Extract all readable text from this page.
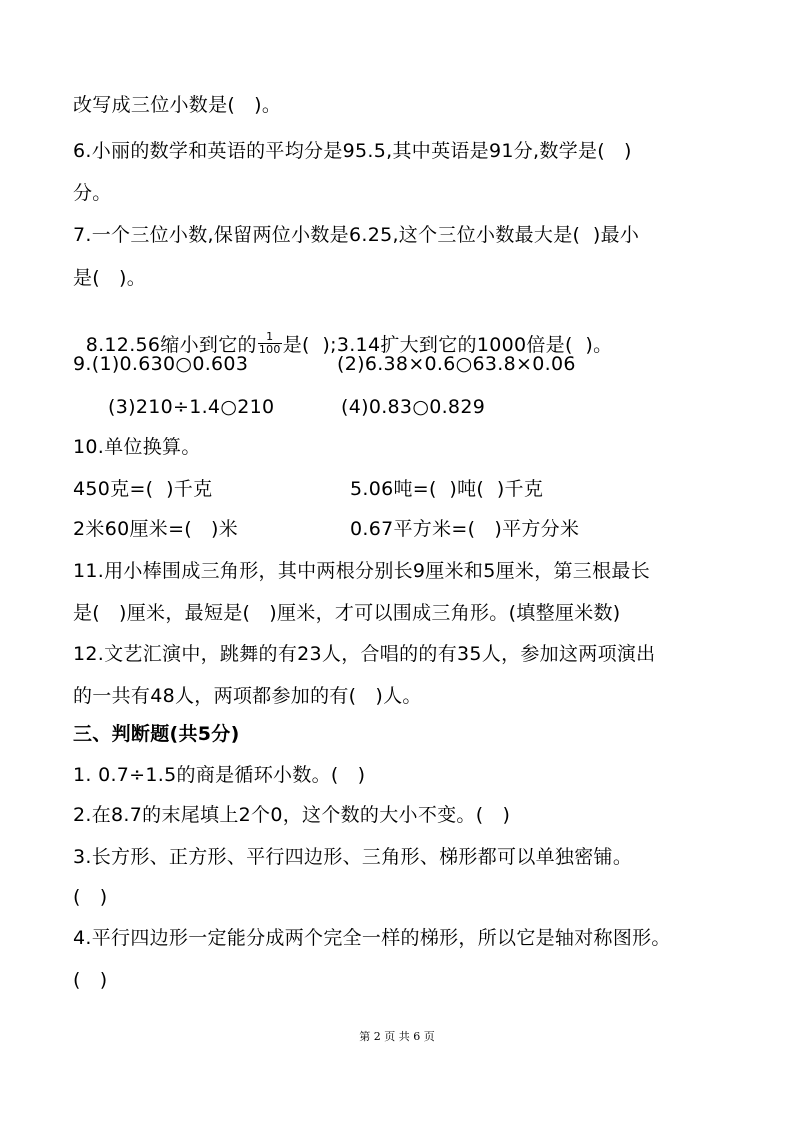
改写成三位小数是(   )。
6.小丽的数学和英语的平均分是95.5,其中英语是91分,数学是(   )
分。
7.一个三位小数,保留两位小数是6.25,这个三位小数最大是(  )最小
是(   )。

8.12.56缩小到它的 $\frac{1}{100}$ 是(  );3.14扩大到它的1000倍是(  )。

9.(1)0.630○0.603	(2)6.38×0.6○63.8×0.06
(3)210÷1.4○210	(4)0.83○0.829
10.单位换算。
450克=(  )千克	5.06吨=(  )吨(  )千克
2米60厘米=(   )米	0.67平方米=(   )平方分米
11.用小棒围成三角形，其中两根分别长9厘米和5厘米，第三根最长
是(   )厘米，最短是(   )厘米，才可以围成三角形。(填整厘米数)
12.文艺汇演中，跳舞的有23人，合唱的的有35人，参加这两项演出
的一共有48人，两项都参加的有(   )人。
三、判断题(共5分)
1. 0.7÷1.5的商是循环小数。(   )
2.在8.7的末尾填上2个0，这个数的大小不变。(   )
3.长方形、正方形、平行四边形、三角形、梯形都可以单独密铺。
(   )
4.平行四边形一定能分成两个完全一样的梯形，所以它是轴对称图形。
(   )
第 2 页 共 6 页
